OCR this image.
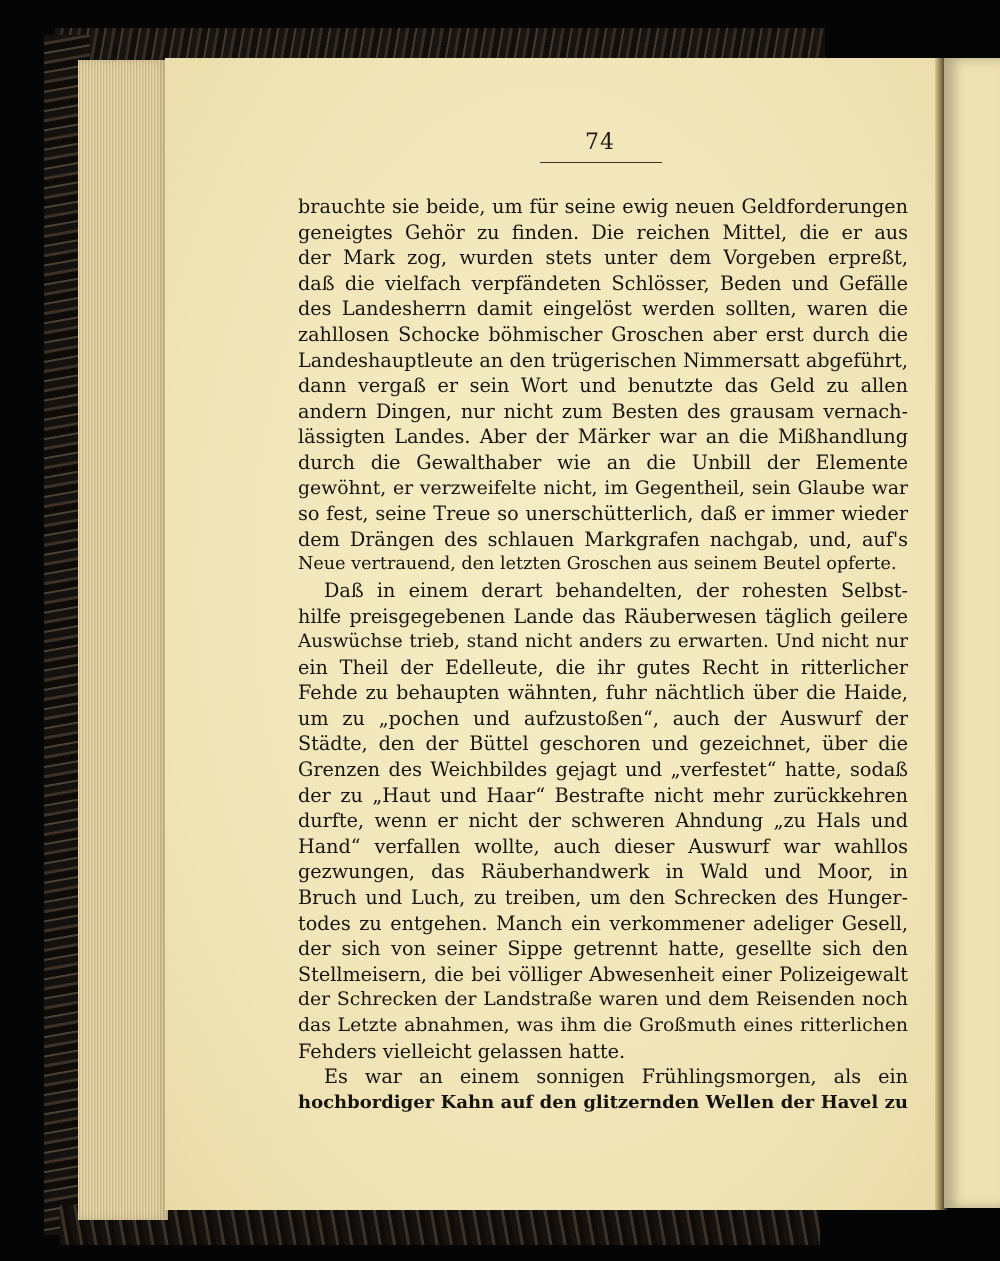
74
brauchte sie beide, um für seine ewig neuen Geldforderungen
geneigtes Gehör zu finden. Die reichen Mittel, die er aus
der Mark zog, wurden stets unter dem Vorgeben erpreßt,
daß die vielfach verpfändeten Schlösser, Beden und Gefälle
des Landesherrn damit eingelöst werden sollten, waren die
zahllosen Schocke böhmischer Groschen aber erst durch die
Landeshauptleute an den trügerischen Nimmersatt abgeführt,
dann vergaß er sein Wort und benutzte das Geld zu allen
andern Dingen, nur nicht zum Besten des grausam vernach-
lässigten Landes. Aber der Märker war an die Mißhandlung
durch die Gewalthaber wie an die Unbill der Elemente
gewöhnt, er verzweifelte nicht, im Gegentheil, sein Glaube war
so fest, seine Treue so unerschütterlich, daß er immer wieder
dem Drängen des schlauen Markgrafen nachgab, und, auf's
Neue vertrauend, den letzten Groschen aus seinem Beutel opferte.
Daß in einem derart behandelten, der rohesten Selbst-
hilfe preisgegebenen Lande das Räuberwesen täglich geilere
Auswüchse trieb, stand nicht anders zu erwarten. Und nicht nur
ein Theil der Edelleute, die ihr gutes Recht in ritterlicher
Fehde zu behaupten wähnten, fuhr nächtlich über die Haide,
um zu „pochen und aufzustoßen“, auch der Auswurf der
Städte, den der Büttel geschoren und gezeichnet, über die
Grenzen des Weichbildes gejagt und „verfestet“ hatte, sodaß
der zu „Haut und Haar“ Bestrafte nicht mehr zurückkehren
durfte, wenn er nicht der schweren Ahndung „zu Hals und
Hand“ verfallen wollte, auch dieser Auswurf war wahllos
gezwungen, das Räuberhandwerk in Wald und Moor, in
Bruch und Luch, zu treiben, um den Schrecken des Hunger-
todes zu entgehen. Manch ein verkommener adeliger Gesell,
der sich von seiner Sippe getrennt hatte, gesellte sich den
Stellmeisern, die bei völliger Abwesenheit einer Polizeigewalt
der Schrecken der Landstraße waren und dem Reisenden noch
das Letzte abnahmen, was ihm die Großmuth eines ritterlichen
Fehders vielleicht gelassen hatte.
Es war an einem sonnigen Frühlingsmorgen, als ein
hochbordiger Kahn auf den glitzernden Wellen der Havel zu
